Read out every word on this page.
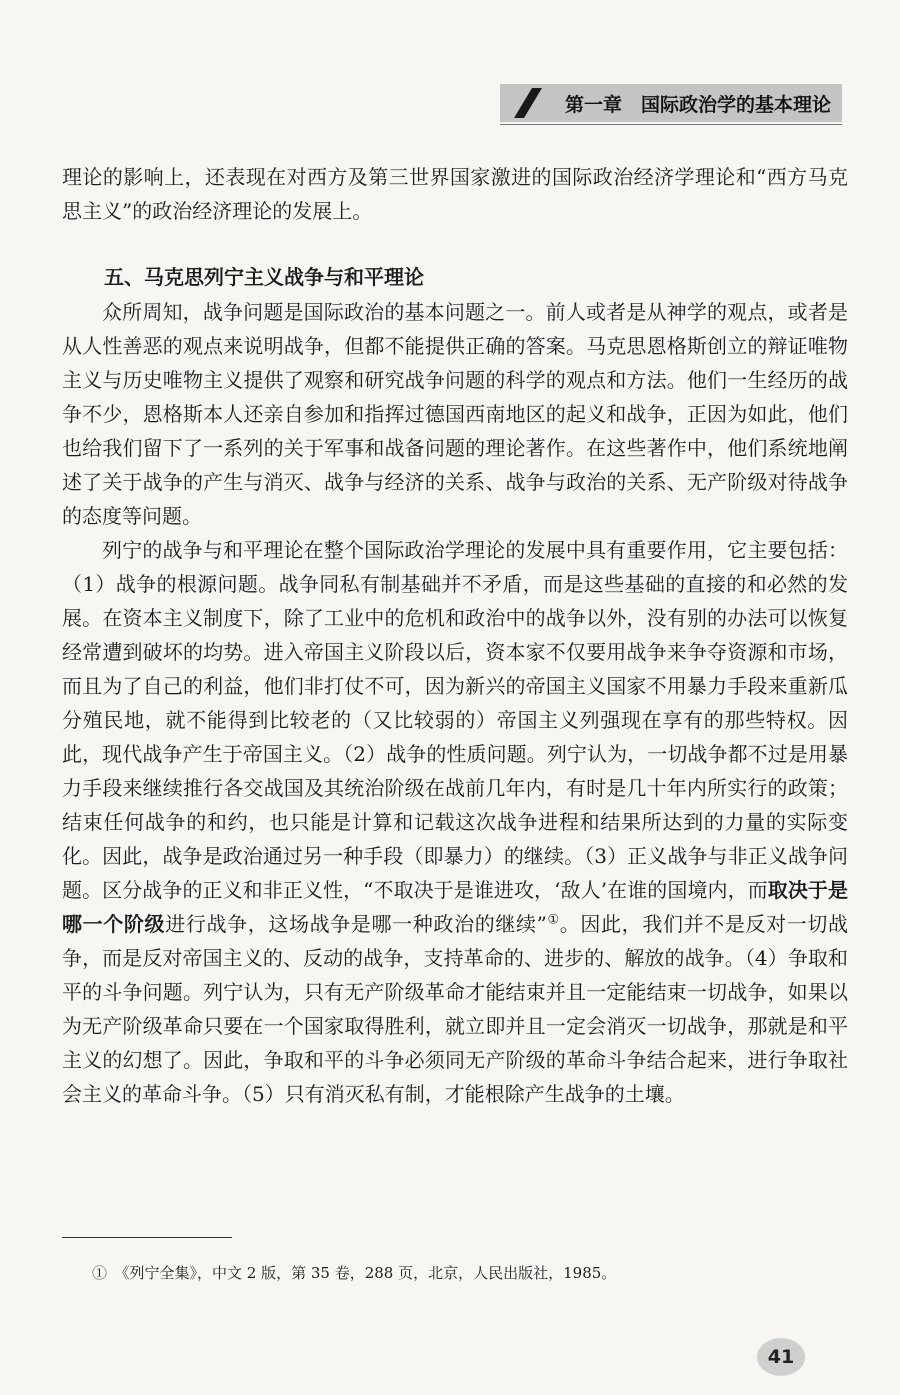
第一章　国际政治学的基本理论

理论的影响上，还表现在对西方及第三世界国家激进的国际政治经济学理论和“西方马克思主义”的政治经济理论的发展上。

五、马克思列宁主义战争与和平理论

众所周知，战争问题是国际政治的基本问题之一。前人或者是从神学的观点，或者是从人性善恶的观点来说明战争，但都不能提供正确的答案。马克思恩格斯创立的辩证唯物主义与历史唯物主义提供了观察和研究战争问题的科学的观点和方法。他们一生经历的战争不少，恩格斯本人还亲自参加和指挥过德国西南地区的起义和战争，正因为如此，他们也给我们留下了一系列的关于军事和战备问题的理论著作。在这些著作中，他们系统地阐述了关于战争的产生与消灭、战争与经济的关系、战争与政治的关系、无产阶级对待战争的态度等问题。

列宁的战争与和平理论在整个国际政治学理论的发展中具有重要作用，它主要包括：（1）战争的根源问题。战争同私有制基础并不矛盾，而是这些基础的直接的和必然的发展。在资本主义制度下，除了工业中的危机和政治中的战争以外，没有别的办法可以恢复经常遭到破坏的均势。进入帝国主义阶段以后，资本家不仅要用战争来争夺资源和市场，而且为了自己的利益，他们非打仗不可，因为新兴的帝国主义国家不用暴力手段来重新瓜分殖民地，就不能得到比较老的（又比较弱的）帝国主义列强现在享有的那些特权。因此，现代战争产生于帝国主义。（2）战争的性质问题。列宁认为，一切战争都不过是用暴力手段来继续推行各交战国及其统治阶级在战前几年内，有时是几十年内所实行的政策；结束任何战争的和约，也只能是计算和记载这次战争进程和结果所达到的力量的实际变化。因此，战争是政治通过另一种手段（即暴力）的继续。（3）正义战争与非正义战争问题。区分战争的正义和非正义性，“不取决于是谁进攻，‘敌人’在谁的国境内，而取决于是哪一个阶级进行战争，这场战争是哪一种政治的继续”①。因此，我们并不是反对一切战争，而是反对帝国主义的、反动的战争，支持革命的、进步的、解放的战争。（4）争取和平的斗争问题。列宁认为，只有无产阶级革命才能结束并且一定能结束一切战争，如果以为无产阶级革命只要在一个国家取得胜利，就立即并且一定会消灭一切战争，那就是和平主义的幻想了。因此，争取和平的斗争必须同无产阶级的革命斗争结合起来，进行争取社会主义的革命斗争。（5）只有消灭私有制，才能根除产生战争的土壤。

①　《列宁全集》，中文 2 版，第 35 卷，288 页，北京，人民出版社，1985。
41
